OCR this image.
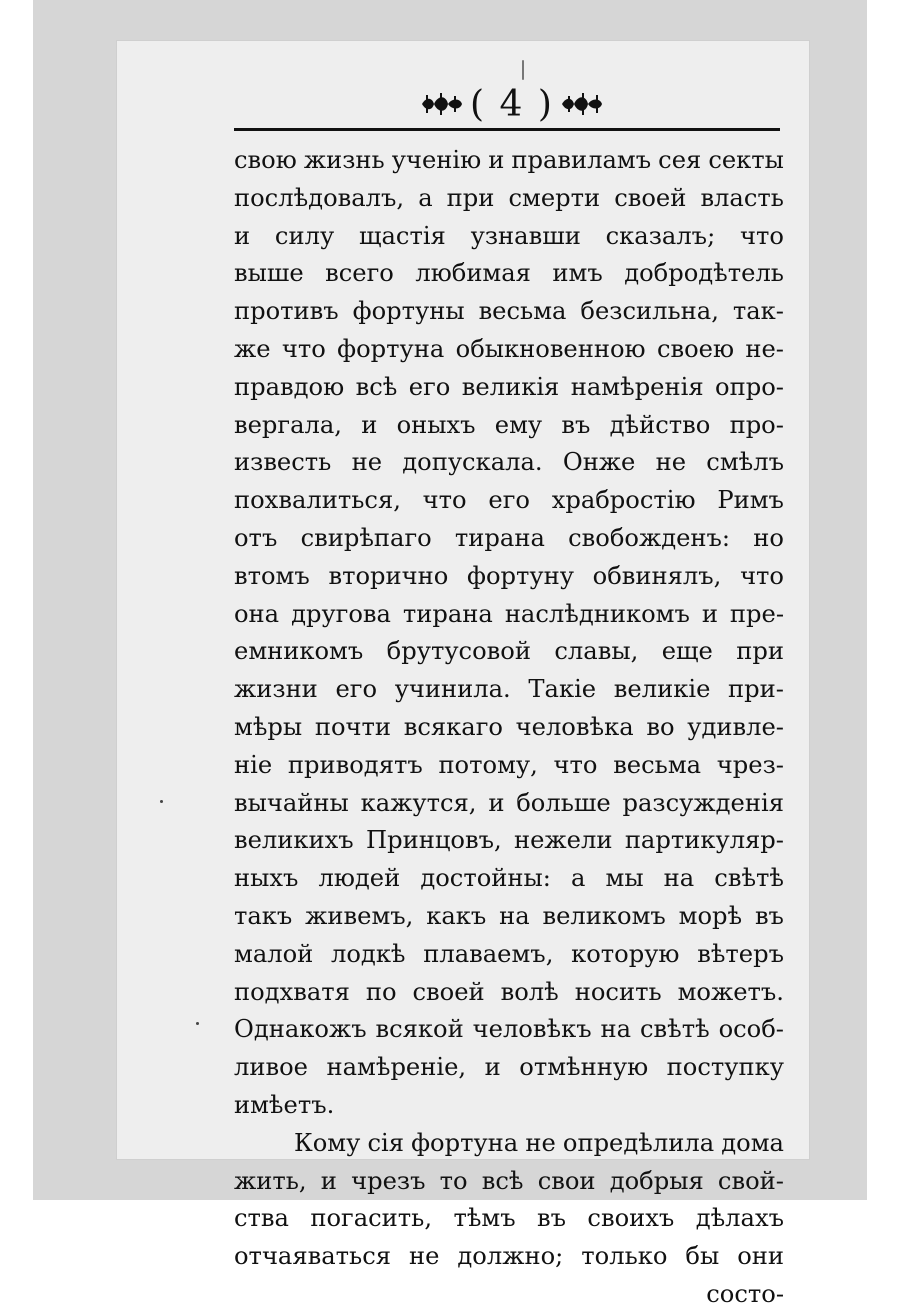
( 4 )
свою жизнь ученію и правиламъ сея секты
послѣдовалъ, а при смерти своей власть
и силу щастія узнавши сказалъ; что
выше всего любимая имъ добродѣтель
противъ фортуны весьма безсильна, так-
же что фортуна обыкновенною своею не-
правдою всѣ его великія намѣренія опро-
вергала, и оныхъ ему въ дѣйство про-
известь не допускала. Онже не смѣлъ
похвалиться, что его храбростію Римъ
отъ свирѣпаго тирана свобожденъ: но
втомъ вторично фортуну обвинялъ, что
она другова тирана наслѣдникомъ и пре-
емникомъ брутусовой славы, еще при
жизни его учинила. Такіе великіе при-
мѣры почти всякаго человѣка во удивле-
ніе приводятъ потому, что весьма чрез-
вычайны кажутся, и больше разсужденія
великихъ Принцовъ, нежели партикуляр-
ныхъ людей достойны: а мы на свѣтѣ
такъ живемъ, какъ на великомъ морѣ въ
малой лодкѣ плаваемъ, которую вѣтеръ
подхватя по своей волѣ носить можетъ.
Однакожъ всякой человѣкъ на свѣтѣ особ-
ливое намѣреніе, и отмѣнную поступку
имѣетъ.
Кому сія фортуна не опредѣлила дома
жить, и чрезъ то всѣ свои добрыя свой-
ства погасить, тѣмъ въ своихъ дѣлахъ
отчаяваться не должно; только бы они
состо-
